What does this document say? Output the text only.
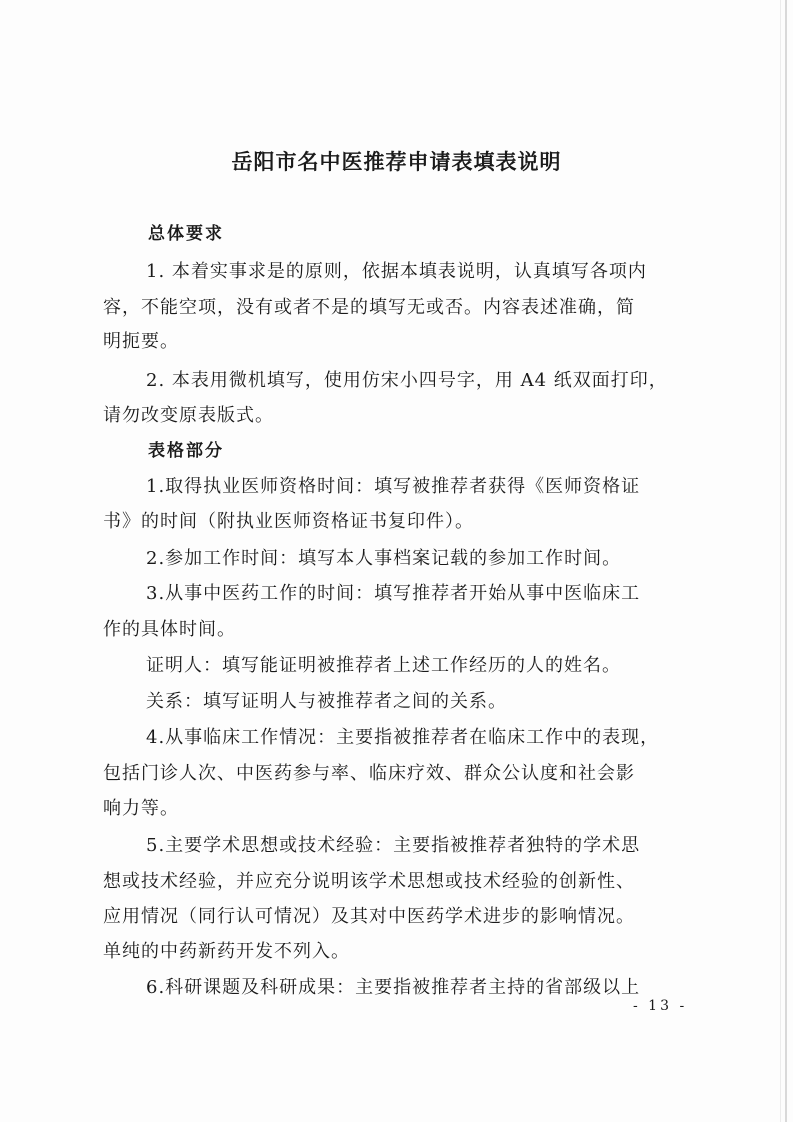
岳阳市名中医推荐申请表填表说明
总体要求
1. 本着实事求是的原则，依据本填表说明，认真填写各项内
容，不能空项，没有或者不是的填写无或否。内容表述准确，简
明扼要。
2. 本表用微机填写，使用仿宋小四号字，用 A4 纸双面打印，
请勿改变原表版式。
表格部分
1.取得执业医师资格时间：填写被推荐者获得《医师资格证
书》的时间（附执业医师资格证书复印件）。
2.参加工作时间：填写本人事档案记载的参加工作时间。
3.从事中医药工作的时间：填写推荐者开始从事中医临床工
作的具体时间。
证明人：填写能证明被推荐者上述工作经历的人的姓名。
关系：填写证明人与被推荐者之间的关系。
4.从事临床工作情况：主要指被推荐者在临床工作中的表现，
包括门诊人次、中医药参与率、临床疗效、群众公认度和社会影
响力等。
5.主要学术思想或技术经验：主要指被推荐者独特的学术思
想或技术经验，并应充分说明该学术思想或技术经验的创新性、
应用情况（同行认可情况）及其对中医药学术进步的影响情况。
单纯的中药新药开发不列入。
6.科研课题及科研成果：主要指被推荐者主持的省部级以上
- 13 -
